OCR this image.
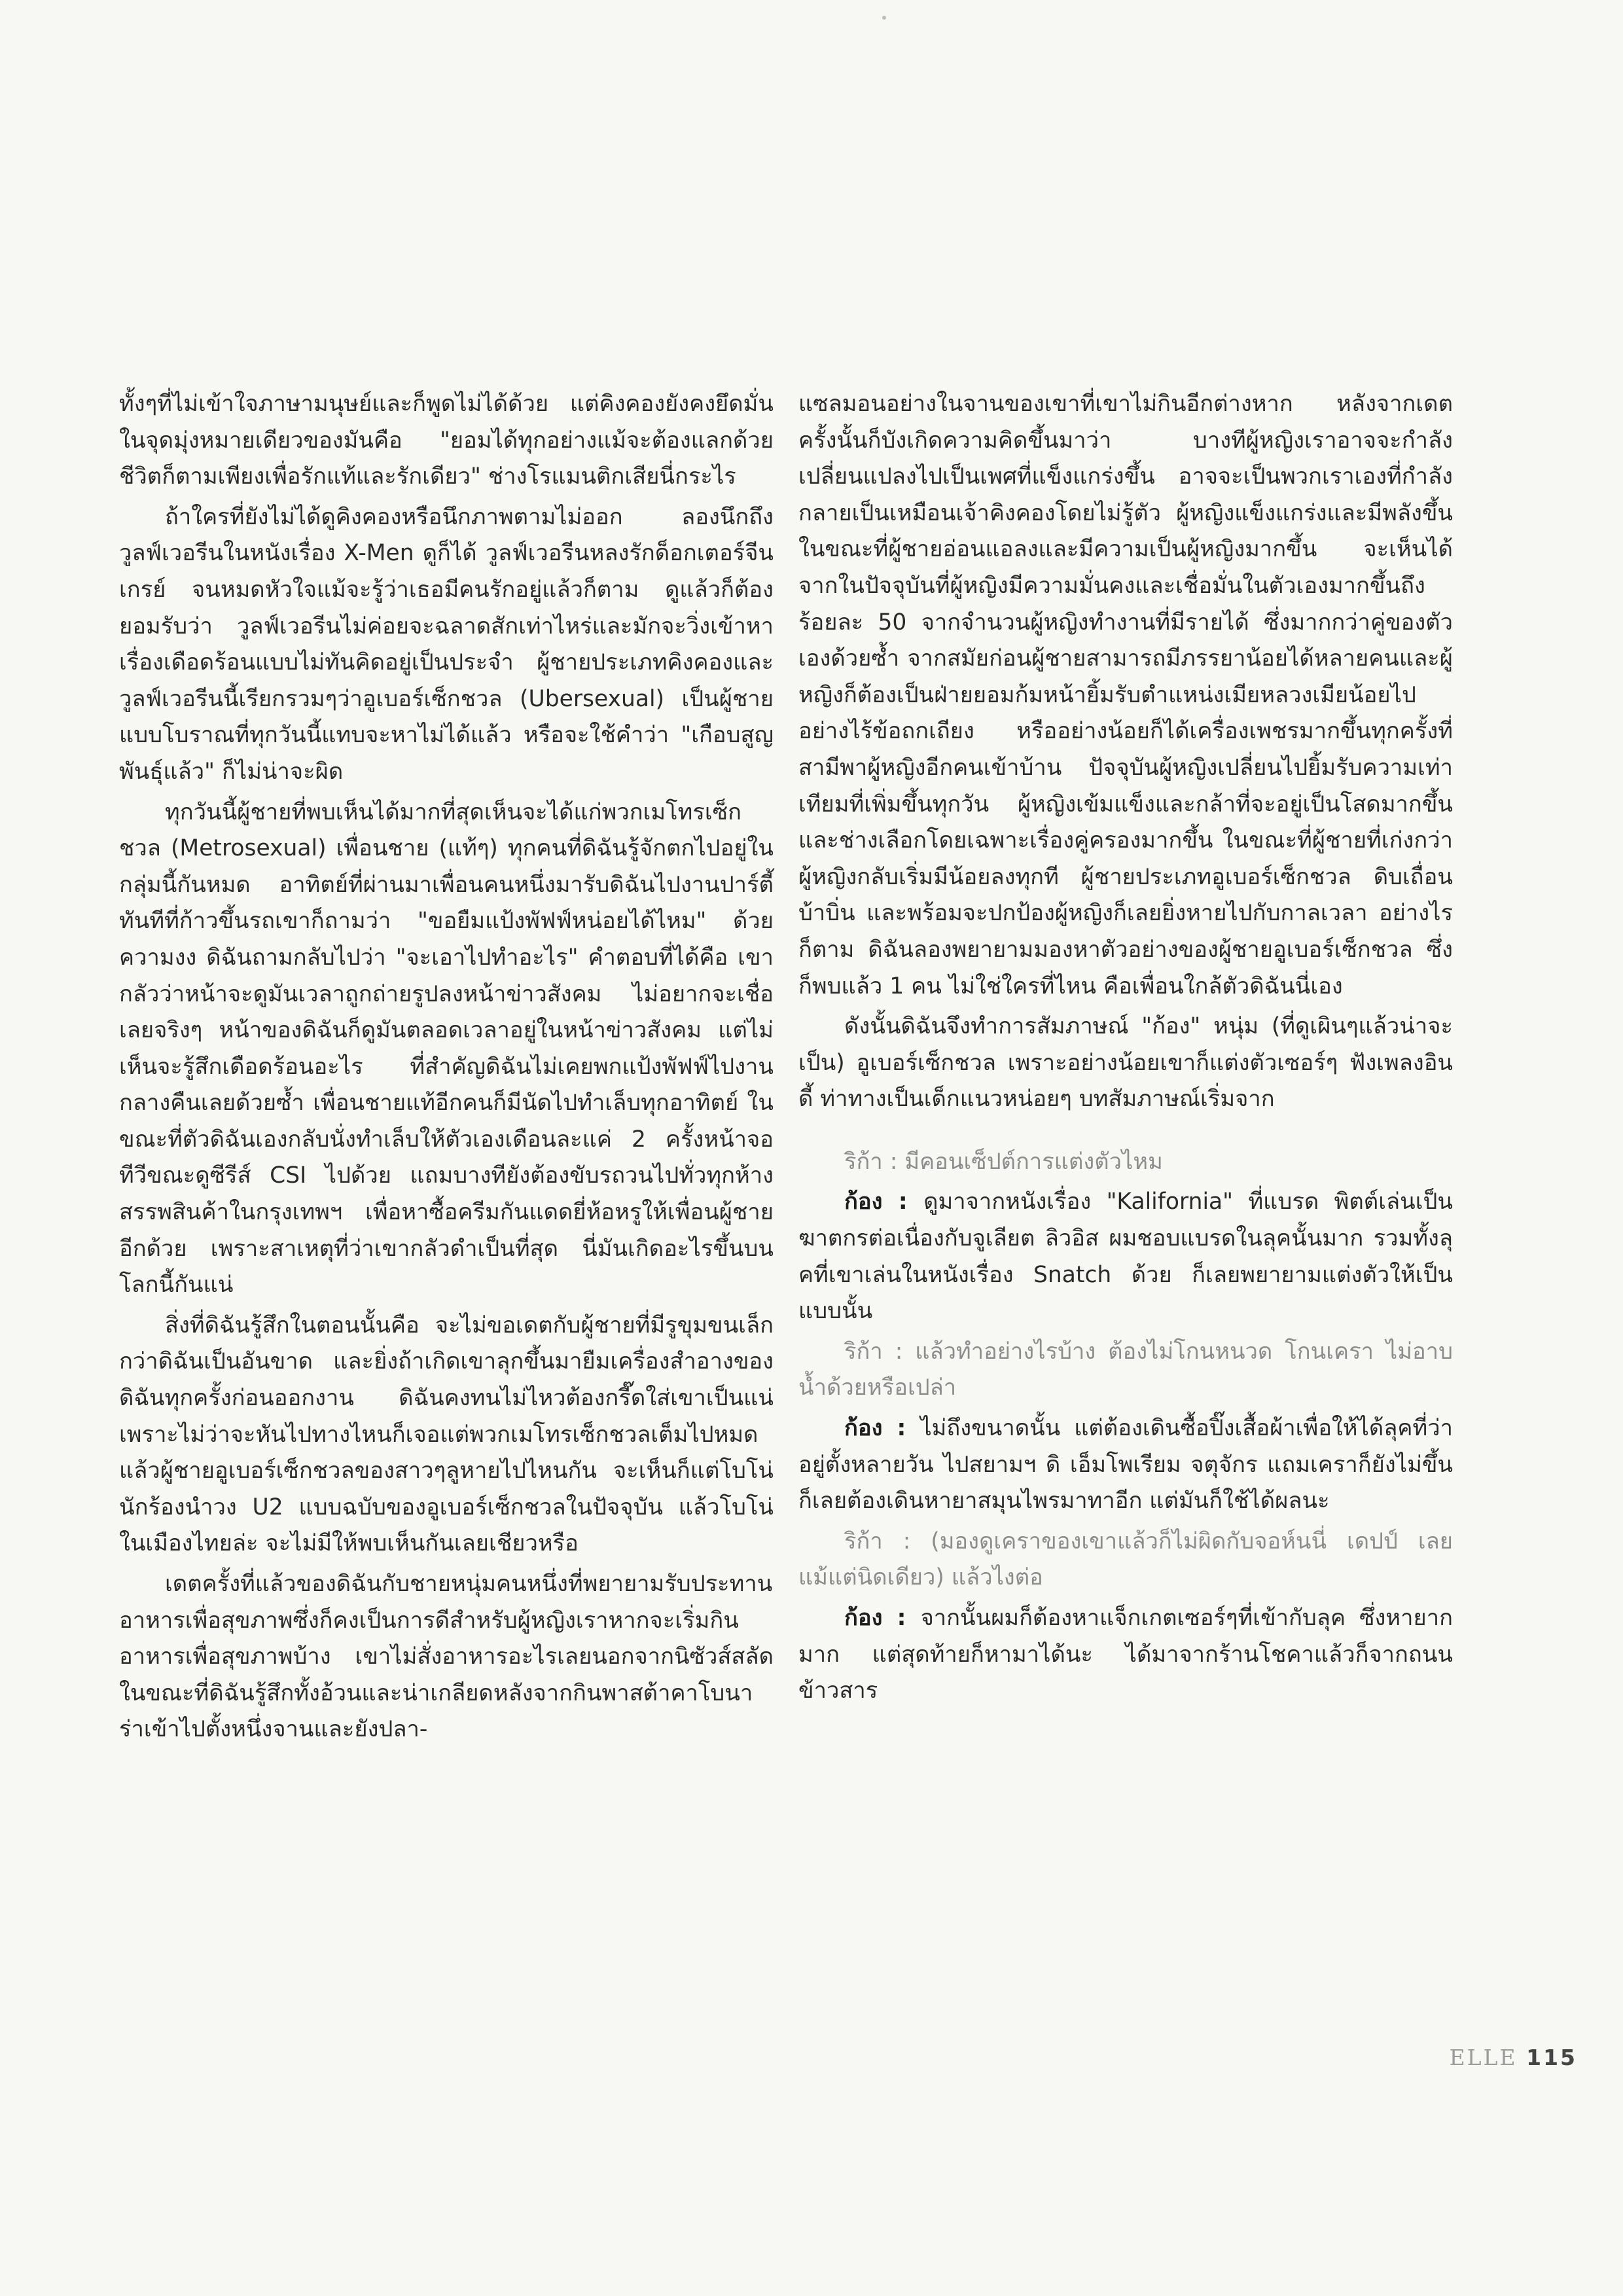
ทั้งๆที่ไม่เข้าใจภาษามนุษย์และก็พูดไม่ได้ด้วย แต่คิงคองยังคงยึดมั่นในจุดมุ่งหมายเดียวของมันคือ "ยอมได้ทุกอย่างแม้จะต้องแลกด้วยชีวิตก็ตามเพียงเพื่อรักแท้และรักเดียว" ช่างโรแมนติกเสียนี่กระไร

ถ้าใครที่ยังไม่ได้ดูคิงคองหรือนึกภาพตามไม่ออก ลองนึกถึงวูลฟ์เวอรีนในหนังเรื่อง X-Men ดูก็ได้ วูลฟ์เวอรีนหลงรักด็อกเตอร์จีน เกรย์ จนหมดหัวใจแม้จะรู้ว่าเธอมีคนรักอยู่แล้วก็ตาม ดูแล้วก็ต้องยอมรับว่า วูลฟ์เวอรีนไม่ค่อยจะฉลาดสักเท่าไหร่และมักจะวิ่งเข้าหาเรื่องเดือดร้อนแบบไม่ทันคิดอยู่เป็นประจำ ผู้ชายประเภทคิงคองและวูลฟ์เวอรีนนี้เรียกรวมๆว่าอูเบอร์เซ็กชวล (Ubersexual) เป็นผู้ชายแบบโบราณที่ทุกวันนี้แทบจะหาไม่ได้แล้ว หรือจะใช้คำว่า "เกือบสูญพันธุ์แล้ว" ก็ไม่น่าจะผิด

ทุกวันนี้ผู้ชายที่พบเห็นได้มากที่สุดเห็นจะได้แก่พวกเมโทรเซ็กชวล (Metrosexual) เพื่อนชาย (แท้ๆ) ทุกคนที่ดิฉันรู้จักตกไปอยู่ในกลุ่มนี้กันหมด อาทิตย์ที่ผ่านมาเพื่อนคนหนึ่งมารับดิฉันไปงานปาร์ตี้ ทันทีที่ก้าวขึ้นรถเขาก็ถามว่า "ขอยืมแป้งพัฟฟ์หน่อยได้ไหม" ด้วยความงง ดิฉันถามกลับไปว่า "จะเอาไปทำอะไร" คำตอบที่ได้คือ เขากลัวว่าหน้าจะดูมันเวลาถูกถ่ายรูปลงหน้าข่าวสังคม ไม่อยากจะเชื่อเลยจริงๆ หน้าของดิฉันก็ดูมันตลอดเวลาอยู่ในหน้าข่าวสังคม แต่ไม่เห็นจะรู้สึกเดือดร้อนอะไร ที่สำคัญดิฉันไม่เคยพกแป้งพัฟฟ์ไปงานกลางคืนเลยด้วยซ้ำ เพื่อนชายแท้อีกคนก็มีนัดไปทำเล็บทุกอาทิตย์ ในขณะที่ตัวดิฉันเองกลับนั่งทำเล็บให้ตัวเองเดือนละแค่ 2 ครั้งหน้าจอทีวีขณะดูซีรีส์ CSI ไปด้วย แถมบางทียังต้องขับรถวนไปทั่วทุกห้างสรรพสินค้าในกรุงเทพฯ เพื่อหาซื้อครีมกันแดดยี่ห้อหรูให้เพื่อนผู้ชายอีกด้วย เพราะสาเหตุที่ว่าเขากลัวดำเป็นที่สุด นี่มันเกิดอะไรขึ้นบนโลกนี้กันแน่

สิ่งที่ดิฉันรู้สึกในตอนนั้นคือ จะไม่ขอเดตกับผู้ชายที่มีรูขุมขนเล็กกว่าดิฉันเป็นอันขาด และยิ่งถ้าเกิดเขาลุกขึ้นมายืมเครื่องสำอางของดิฉันทุกครั้งก่อนออกงาน ดิฉันคงทนไม่ไหวต้องกรี๊ดใส่เขาเป็นแน่ เพราะไม่ว่าจะหันไปทางไหนก็เจอแต่พวกเมโทรเซ็กชวลเต็มไปหมด แล้วผู้ชายอูเบอร์เซ็กชวลของสาวๆลูหายไปไหนกัน จะเห็นก็แต่โบโน่ นักร้องนำวง U2 แบบฉบับของอูเบอร์เซ็กชวลในปัจจุบัน แล้วโบโน่ในเมืองไทยล่ะ จะไม่มีให้พบเห็นกันเลยเชียวหรือ

เดตครั้งที่แล้วของดิฉันกับชายหนุ่มคนหนึ่งที่พยายามรับประทานอาหารเพื่อสุขภาพซึ่งก็คงเป็นการดีสำหรับผู้หญิงเราหากจะเริ่มกินอาหารเพื่อสุขภาพบ้าง เขาไม่สั่งอาหารอะไรเลยนอกจากนิซัวส์สลัด ในขณะที่ดิฉันรู้สึกทั้งอ้วนและน่าเกลียดหลังจากกินพาสต้าคาโบนาร่าเข้าไปตั้งหนึ่งจานและยังปลา-

แซลมอนอย่างในจานของเขาที่เขาไม่กินอีกต่างหาก หลังจากเดตครั้งนั้นก็บังเกิดความคิดขึ้นมาว่า บางทีผู้หญิงเราอาจจะกำลังเปลี่ยนแปลงไปเป็นเพศที่แข็งแกร่งขึ้น อาจจะเป็นพวกเราเองที่กำลังกลายเป็นเหมือนเจ้าคิงคองโดยไม่รู้ตัว ผู้หญิงแข็งแกร่งและมีพลังขึ้นในขณะที่ผู้ชายอ่อนแอลงและมีความเป็นผู้หญิงมากขึ้น จะเห็นได้จากในปัจจุบันที่ผู้หญิงมีความมั่นคงและเชื่อมั่นในตัวเองมากขึ้นถึงร้อยละ 50 จากจำนวนผู้หญิงทำงานที่มีรายได้ ซึ่งมากกว่าคู่ของตัวเองด้วยซ้ำ จากสมัยก่อนผู้ชายสามารถมีภรรยาน้อยได้หลายคนและผู้หญิงก็ต้องเป็นฝ่ายยอมก้มหน้ายิ้มรับตำแหน่งเมียหลวงเมียน้อยไปอย่างไร้ข้อถกเถียง หรืออย่างน้อยก็ได้เครื่องเพชรมากขึ้นทุกครั้งที่สามีพาผู้หญิงอีกคนเข้าบ้าน ปัจจุบันผู้หญิงเปลี่ยนไปยิ้มรับความเท่าเทียมที่เพิ่มขึ้นทุกวัน ผู้หญิงเข้มแข็งและกล้าที่จะอยู่เป็นโสดมากขึ้นและช่างเลือกโดยเฉพาะเรื่องคู่ครองมากขึ้น ในขณะที่ผู้ชายที่เก่งกว่าผู้หญิงกลับเริ่มมีน้อยลงทุกที ผู้ชายประเภทอูเบอร์เซ็กชวล ดิบเถื่อน บ้าบิ่น และพร้อมจะปกป้องผู้หญิงก็เลยยิ่งหายไปกับกาลเวลา อย่างไรก็ตาม ดิฉันลองพยายามมองหาตัวอย่างของผู้ชายอูเบอร์เซ็กชวล ซึ่งก็พบแล้ว 1 คน ไม่ใช่ใครที่ไหน คือเพื่อนใกล้ตัวดิฉันนี่เอง

ดังนั้นดิฉันจึงทำการสัมภาษณ์ "ก้อง" หนุ่ม (ที่ดูเผินๆแล้วน่าจะเป็น) อูเบอร์เซ็กชวล เพราะอย่างน้อยเขาก็แต่งตัวเซอร์ๆ ฟังเพลงอินดี้ ท่าทางเป็นเด็กแนวหน่อยๆ บทสัมภาษณ์เริ่มจาก

ริก้า : มีคอนเซ็ปต์การแต่งตัวไหม

ก้อง : ดูมาจากหนังเรื่อง "Kalifornia" ที่แบรด พิตต์เล่นเป็นฆาตกรต่อเนื่องกับจูเลียต ลิวอิส ผมชอบแบรดในลุคนั้นมาก รวมทั้งลุคที่เขาเล่นในหนังเรื่อง Snatch ด้วย ก็เลยพยายามแต่งตัวให้เป็นแบบนั้น

ริก้า : แล้วทำอย่างไรบ้าง ต้องไม่โกนหนวด โกนเครา ไม่อาบน้ำด้วยหรือเปล่า

ก้อง : ไม่ถึงขนาดนั้น แต่ต้องเดินซื้อปิ๊งเสื้อผ้าเพื่อให้ได้ลุคที่ว่าอยู่ตั้งหลายวัน ไปสยามฯ ดิ เอ็มโพเรียม จตุจักร แถมเคราก็ยังไม่ขึ้น ก็เลยต้องเดินหายาสมุนไพรมาทาอีก แต่มันก็ใช้ได้ผลนะ

ริก้า : (มองดูเคราของเขาแล้วก็ไม่ผิดกับจอห์นนี่ เดปป์ เลยแม้แต่นิดเดียว) แล้วไงต่อ

ก้อง : จากนั้นผมก็ต้องหาแจ็กเกตเซอร์ๆที่เข้ากับลุค ซึ่งหายากมาก แต่สุดท้ายก็หามาได้นะ ได้มาจากร้านโชคาแล้วก็จากถนนข้าวสาร

ELLE 115
